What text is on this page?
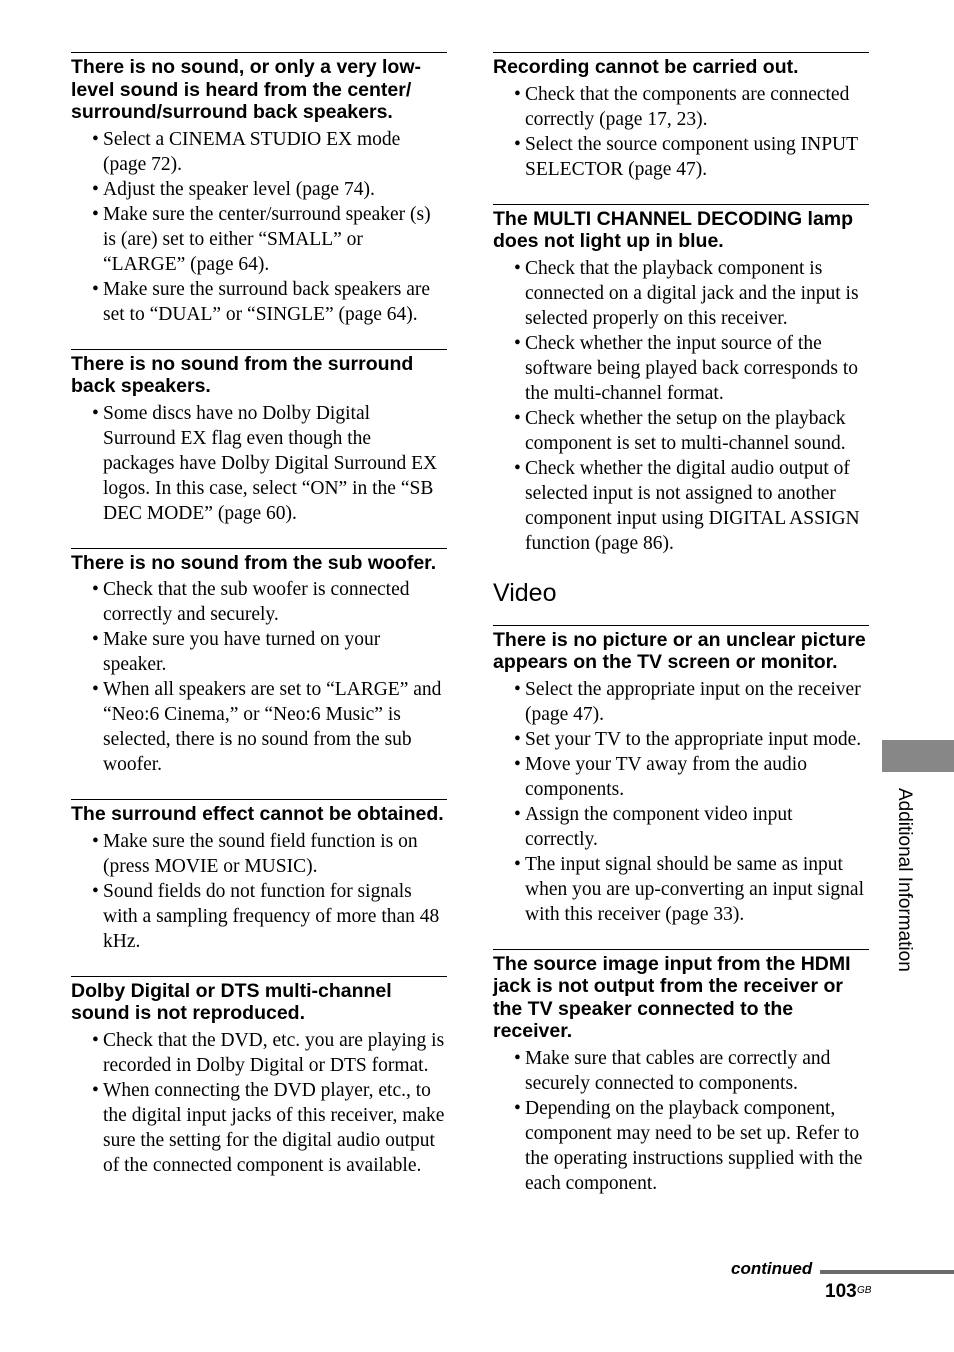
There is no sound, or only a very low-level sound is heard from the center/ surround/surround back speakers.
• Select a CINEMA STUDIO EX mode (page 72).
• Adjust the speaker level (page 74).
• Make sure the center/surround speaker (s) is (are) set to either “SMALL” or “LARGE” (page 64).
• Make sure the surround back speakers are set to “DUAL” or “SINGLE” (page 64).
There is no sound from the surround back speakers.
• Some discs have no Dolby Digital Surround EX flag even though the packages have Dolby Digital Surround EX logos. In this case, select “ON” in the “SB DEC MODE” (page 60).
There is no sound from the sub woofer.
• Check that the sub woofer is connected correctly and securely.
• Make sure you have turned on your speaker.
• When all speakers are set to “LARGE” and “Neo:6 Cinema,” or “Neo:6 Music” is selected, there is no sound from the sub woofer.
The surround effect cannot be obtained.
• Make sure the sound field function is on (press MOVIE or MUSIC).
• Sound fields do not function for signals with a sampling frequency of more than 48 kHz.
Dolby Digital or DTS multi-channel sound is not reproduced.
• Check that the DVD, etc. you are playing is recorded in Dolby Digital or DTS format.
• When connecting the DVD player, etc., to the digital input jacks of this receiver, make sure the setting for the digital audio output of the connected component is available.
Recording cannot be carried out.
• Check that the components are connected correctly (page 17, 23).
• Select the source component using INPUT SELECTOR (page 47).
The MULTI CHANNEL DECODING lamp does not light up in blue.
• Check that the playback component is connected on a digital jack and the input is selected properly on this receiver.
• Check whether the input source of the software being played back corresponds to the multi-channel format.
• Check whether the setup on the playback component is set to multi-channel sound.
• Check whether the digital audio output of selected input is not assigned to another component input using DIGITAL ASSIGN function (page 86).
Video
There is no picture or an unclear picture appears on the TV screen or monitor.
• Select the appropriate input on the receiver (page 47).
• Set your TV to the appropriate input mode.
• Move your TV away from the audio components.
• Assign the component video input correctly.
• The input signal should be same as input when you are up-converting an input signal with this receiver (page 33).
The source image input from the HDMI jack is not output from the receiver or the TV speaker connected to the receiver.
• Make sure that cables are correctly and securely connected to components.
• Depending on the playback component, component may need to be set up. Refer to the operating instructions supplied with the each component.
Additional Information
continued
103 GB
